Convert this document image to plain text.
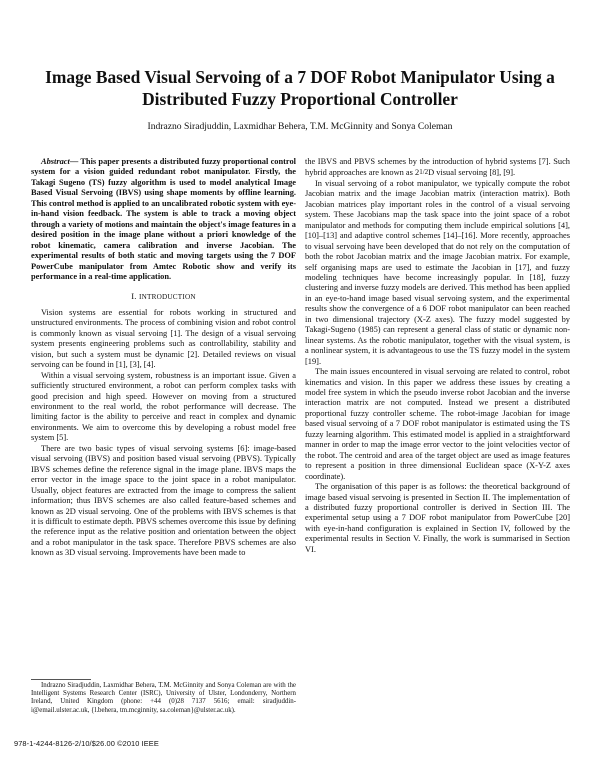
Image Based Visual Servoing of a 7 DOF Robot Manipulator Using a Distributed Fuzzy Proportional Controller
Indrazno Siradjuddin, Laxmidhar Behera, T.M. McGinnity and Sonya Coleman

Abstract— This paper presents a distributed fuzzy proportional control system for a vision guided redundant robot manipulator. Firstly, the Takagi Sugeno (TS) fuzzy algorithm is used to model analytical Image Based Visual Servoing (IBVS) using shape moments by offline learning. This control method is applied to an uncalibrated robotic system with eye-in-hand vision feedback. The system is able to track a moving object through a variety of motions and maintain the object's image features in a desired position in the image plane without a priori knowledge of the robot kinematic, camera calibration and inverse Jacobian. The experimental results of both static and moving targets using the 7 DOF PowerCube manipulator from Amtec Robotic show and verify its performance in a real-time application.

I. INTRODUCTION

Vision systems are essential for robots working in structured and unstructured environments. The process of combining vision and robot control is commonly known as visual servoing [1]. The design of a visual servoing system presents engineering problems such as controllability, stability and vision, but such a system must be dynamic [2]. Detailed reviews on visual servoing can be found in [1], [3], [4].

Within a visual servoing system, robustness is an important issue. Given a sufficiently structured environment, a robot can perform complex tasks with good precision and high speed. However on moving from a structured environment to the real world, the robot performance will decrease. The limiting factor is the ability to perceive and react in complex and dynamic environments. We aim to overcome this by developing a robust model free system [5].

There are two basic types of visual servoing systems [6]: image-based visual servoing (IBVS) and position based visual servoing (PBVS). Typically IBVS schemes define the reference signal in the image plane. IBVS maps the error vector in the image space to the joint space in a robot manipulator. Usually, object features are extracted from the image to compress the salient information; thus IBVS schemes are also called feature-based schemes and known as 2D visual servoing. One of the problems with IBVS schemes is that it is difficult to estimate depth. PBVS schemes overcome this issue by defining the reference input as the relative position and orientation between the object and a robot manipulator in the task space. Therefore PBVS schemes are also known as 3D visual servoing. Improvements have been made to

Indrazno Siradjuddin, Laxmidhar Behera, T.M. McGinnity and Sonya Coleman are with the Intelligent Systems Research Center (ISRC), University of Ulster, Londonderry, Northern Ireland, United Kingdom (phone: +44 (0)28 7137 5616; email: siradjuddin-i@email.ulster.ac.uk, {l.behera, tm.mcginnity, sa.coleman}@ulster.ac.uk).

the IBVS and PBVS schemes by the introduction of hybrid systems [7]. Such hybrid approaches are known as 21/2D visual servoing [8], [9].

In visual servoing of a robot manipulator, we typically compute the robot Jacobian matrix and the image Jacobian matrix (interaction matrix). Both Jacobian matrices play important roles in the control of a visual servoing system. These Jacobians map the task space into the joint space of a robot manipulator and methods for computing them include empirical solutions [4], [10]–[13] and adaptive control schemes [14]–[16]. More recently, approaches to visual servoing have been developed that do not rely on the computation of both the robot Jacobian matrix and the image Jacobian matrix. For example, self organising maps are used to estimate the Jacobian in [17], and fuzzy modeling techniques have become increasingly popular. In [18], fuzzy clustering and inverse fuzzy models are derived. This method has been applied in an eye-to-hand image based visual servoing system, and the experimental results show the convergence of a 6 DOF robot manipulator can been reached in two dimensional trajectory (X-Z axes). The fuzzy model suggested by Takagi-Sugeno (1985) can represent a general class of static or dynamic non-linear systems. As the robotic manipulator, together with the visual system, is a nonlinear system, it is advantageous to use the TS fuzzy model in the system [19].

The main issues encountered in visual servoing are related to control, robot kinematics and vision. In this paper we address these issues by creating a model free system in which the pseudo inverse robot Jacobian and the inverse interaction matrix are not computed. Instead we present a distributed proportional fuzzy controller scheme. The robot-image Jacobian for image based visual servoing of a 7 DOF robot manipulator is estimated using the TS fuzzy learning algorithm. This estimated model is applied in a straightforward manner in order to map the image error vector to the joint velocities vector of the robot. The centroid and area of the target object are used as image features to represent a position in three dimensional Euclidean space (X-Y-Z axes coordinate).

The organisation of this paper is as follows: the theoretical background of image based visual servoing is presented in Section II. The implementation of a distributed fuzzy proportional controller is derived in Section III. The experimental setup using a 7 DOF robot manipulator from PowerCube [20] with eye-in-hand configuration is explained in Section IV, followed by the experimental results in Section V. Finally, the work is summarised in Section VI.

978-1-4244-8126-2/10/$26.00 ©2010 IEEE
